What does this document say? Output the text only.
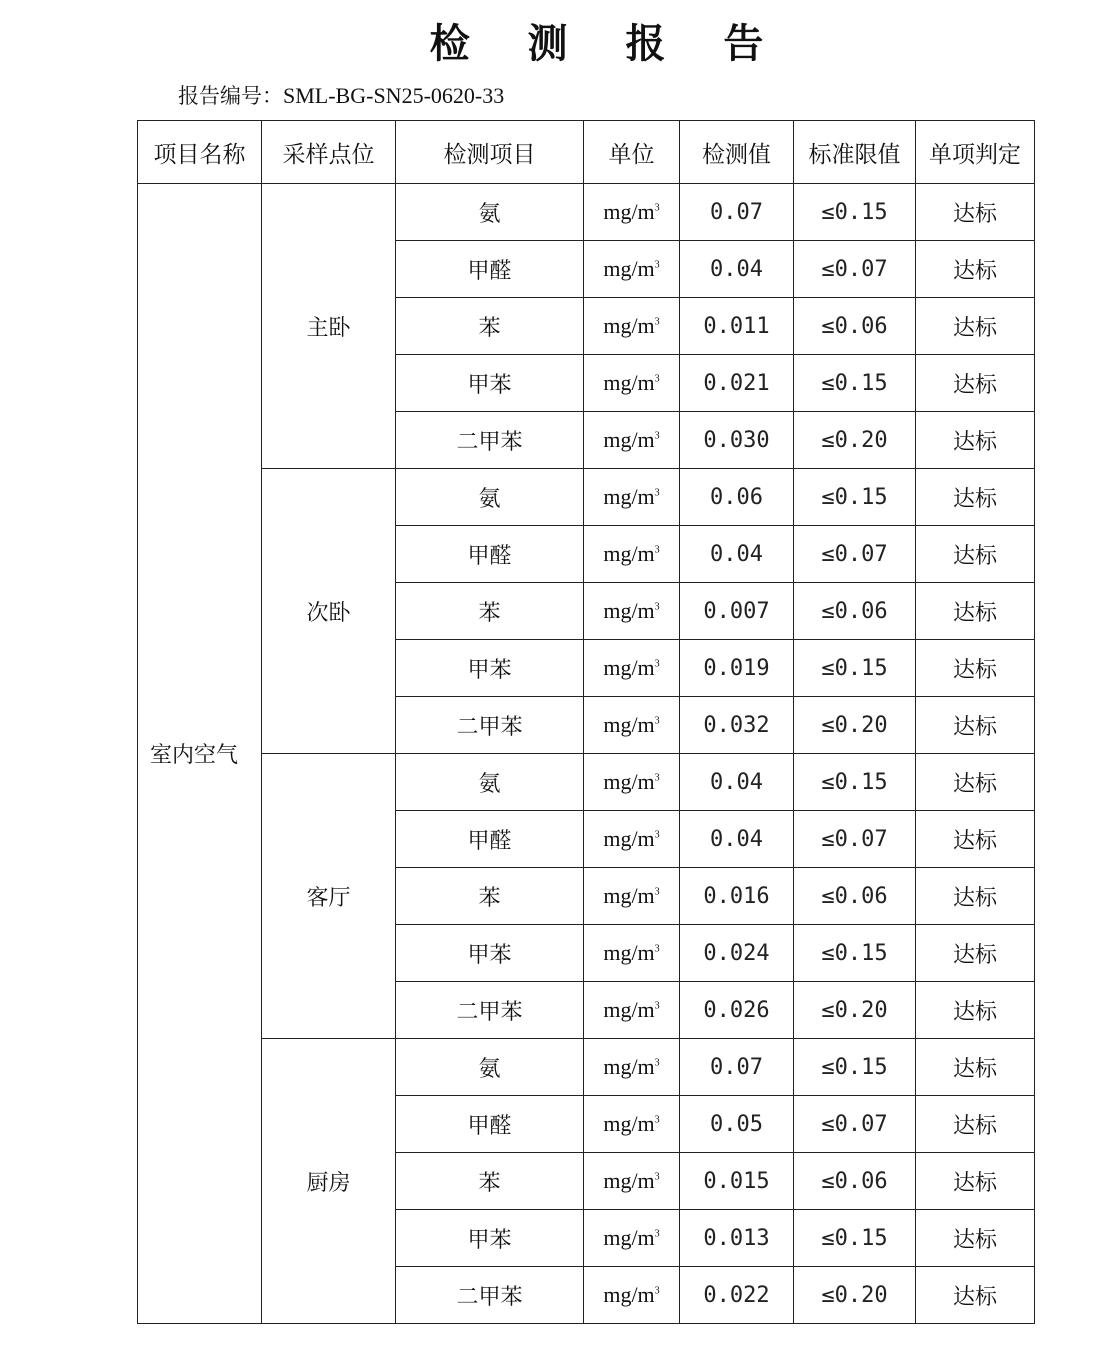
检 测 报 告
报告编号：SML-BG-SN25-0620-33
项目名称	采样点位	检测项目	单位	检测值	标准限值	单项判定
室内空气	主卧	氨	$mg/m^3$	0.07	≤0.15	达标
		甲醛	$mg/m^3$	0.04	≤0.07	达标
		苯	$mg/m^3$	0.011	≤0.06	达标
		甲苯	$mg/m^3$	0.021	≤0.15	达标
		二甲苯	$mg/m^3$	0.030	≤0.20	达标
	次卧	氨	$mg/m^3$	0.06	≤0.15	达标
		甲醛	$mg/m^3$	0.04	≤0.07	达标
		苯	$mg/m^3$	0.007	≤0.06	达标
		甲苯	$mg/m^3$	0.019	≤0.15	达标
		二甲苯	$mg/m^3$	0.032	≤0.20	达标
	客厅	氨	$mg/m^3$	0.04	≤0.15	达标
		甲醛	$mg/m^3$	0.04	≤0.07	达标
		苯	$mg/m^3$	0.016	≤0.06	达标
		甲苯	$mg/m^3$	0.024	≤0.15	达标
		二甲苯	$mg/m^3$	0.026	≤0.20	达标
	厨房	氨	$mg/m^3$	0.07	≤0.15	达标
		甲醛	$mg/m^3$	0.05	≤0.07	达标
		苯	$mg/m^3$	0.015	≤0.06	达标
		甲苯	$mg/m^3$	0.013	≤0.15	达标
		二甲苯	$mg/m^3$	0.022	≤0.20	达标
